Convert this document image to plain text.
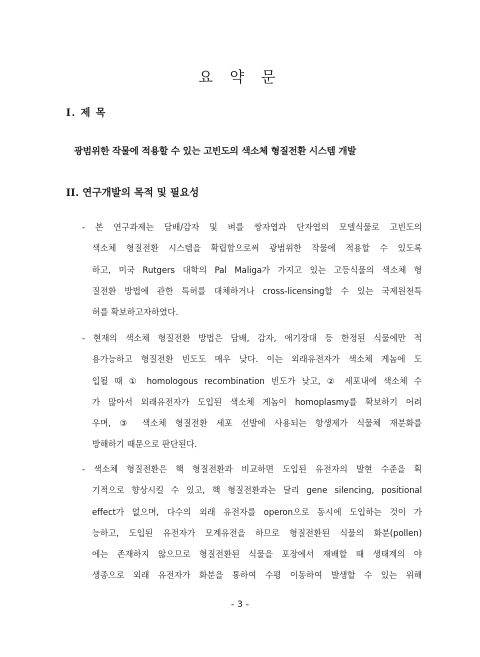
요 약 문
I. 제 목
광범위한 작물에 적용할 수 있는 고빈도의 색소체 형질전환 시스템 개발
II. 연구개발의 목적 및 필요성
- 본 연구과제는 담배/감자 및 벼를 쌍자엽과 단자엽의 모델식물로 고빈도의
색소체 형질전환 시스템을 확립함으로써 광범위한 작물에 적용할 수 있도록
하고, 미국 Rutgers 대학의 Pal Maliga가 가지고 있는 고등식물의 색소체 형
질전환 방법에 관한 특허를 대체하거나 cross-licensing할 수 있는 국제원천특
허를 확보하고자하였다.
- 현재의 색소체 형질전환 방법은 담배, 감자, 애기장대 등 한정된 식물에만 적
용가능하고 형질전환 빈도도 매우 낮다. 이는 외래유전자가 색소체 게놈에 도
입될 때 ① homologous recombination 빈도가 낮고, ② 세포내에 색소체 수
가 많아서 외래유전자가 도입된 색소체 게놈이 homoplasmy를 확보하기 어려
우며, ③ 색소체 형질전환 세포 선발에 사용되는 항생제가 식물체 재분화를
방해하기 때문으로 판단된다.
- 색소체 형질전환은 핵 형질전환과 비교하면 도입된 유전자의 발현 수준을 획
기적으로 향상시킬 수 있고, 핵 형질전환과는 달리 gene silencing, positional
effect가 없으며, 다수의 외래 유전자를 operon으로 동시에 도입하는 것이 가
능하고, 도입된 유전자가 모계유전을 하므로 형질전환된 식물의 화분(pollen)
에는 존재하지 않으므로 형질전환된 식물을 포장에서 재배할 때 생태계의 야
생종으로 외래 유전자가 화분을 통하여 수평 이동하여 발생할 수 있는 위해
- 3 -
